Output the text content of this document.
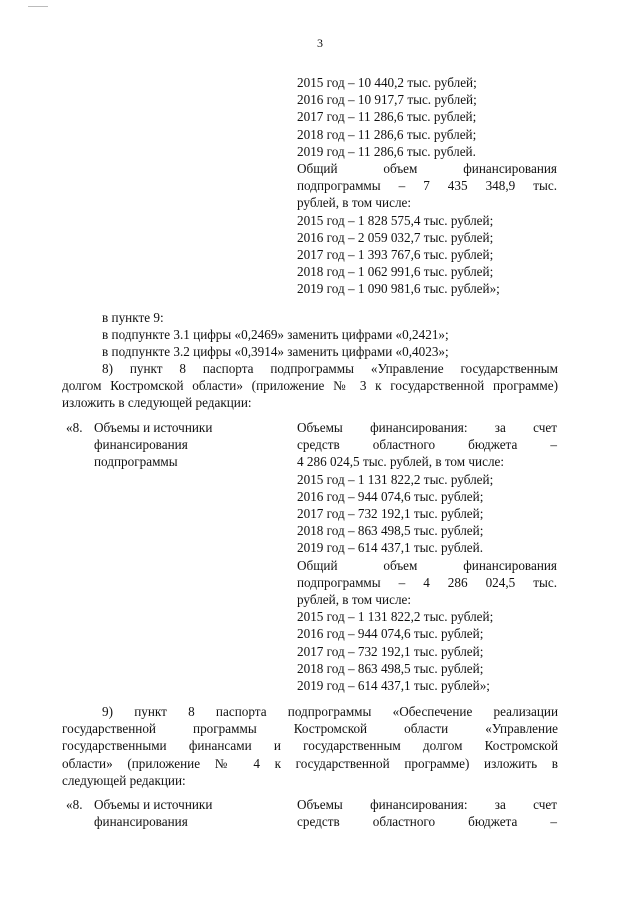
3
2015 год – 10 440,2 тыс. рублей;
2016 год – 10 917,7 тыс. рублей;
2017 год – 11 286,6 тыс. рублей;
2018 год – 11 286,6 тыс. рублей;
2019 год – 11 286,6 тыс. рублей.
Общий объем финансирования
подпрограммы – 7 435 348,9 тыс.
рублей, в том числе:
2015 год – 1 828 575,4 тыс. рублей;
2016 год – 2 059 032,7 тыс. рублей;
2017 год – 1 393 767,6 тыс. рублей;
2018 год – 1 062 991,6 тыс. рублей;
2019 год – 1 090 981,6 тыс. рублей»;
в пункте 9:
в подпункте 3.1 цифры «0,2469» заменить цифрами «0,2421»;
в подпункте 3.2 цифры «0,3914» заменить цифрами «0,4023»;
8) пункт 8 паспорта подпрограммы «Управление государственным
долгом Костромской области» (приложение № 3 к государственной программе)
изложить в следующей редакции:
«8. Объемы и источники
финансирования
подпрограммы
Объемы финансирования: за счет
средств областного бюджета –
4 286 024,5 тыс. рублей, в том числе:
2015 год – 1 131 822,2 тыс. рублей;
2016 год – 944 074,6 тыс. рублей;
2017 год – 732 192,1 тыс. рублей;
2018 год – 863 498,5 тыс. рублей;
2019 год – 614 437,1 тыс. рублей.
Общий объем финансирования
подпрограммы – 4 286 024,5 тыс.
рублей, в том числе:
2015 год – 1 131 822,2 тыс. рублей;
2016 год – 944 074,6 тыс. рублей;
2017 год – 732 192,1 тыс. рублей;
2018 год – 863 498,5 тыс. рублей;
2019 год – 614 437,1 тыс. рублей»;
9) пункт 8 паспорта подпрограммы «Обеспечение реализации
государственной программы Костромской области «Управление
государственными финансами и государственным долгом Костромской
области» (приложение № 4 к государственной программе) изложить в
следующей редакции:
«8. Объемы и источники
финансирования
Объемы финансирования: за счет
средств областного бюджета –
